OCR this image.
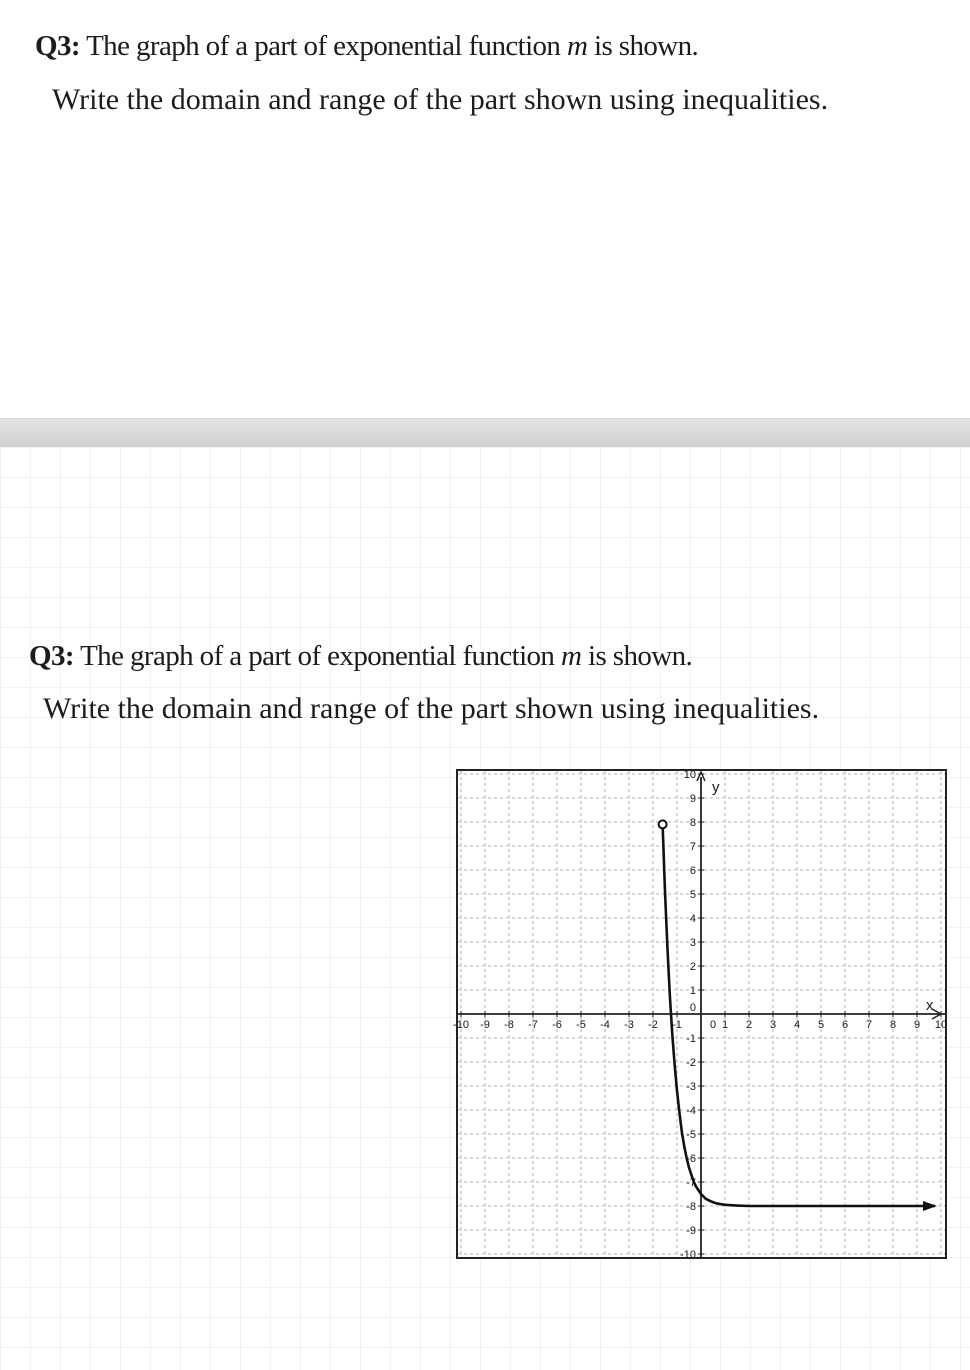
Q3: The graph of a part of exponential function m is shown.
Write the domain and range of the part shown using inequalities.
Q3: The graph of a part of exponential function m is shown.
Write the domain and range of the part shown using inequalities.
y
x
-10 -9 -8 -7 -6 -5 -4 -3 -2 -1	0 1 2 3 4 5 6 7 8 9 10
10
9
8
7
6
5
4
3
2
1
0
-1
-2
-3
-4
-5
-6
-7
-8
-9
-10
